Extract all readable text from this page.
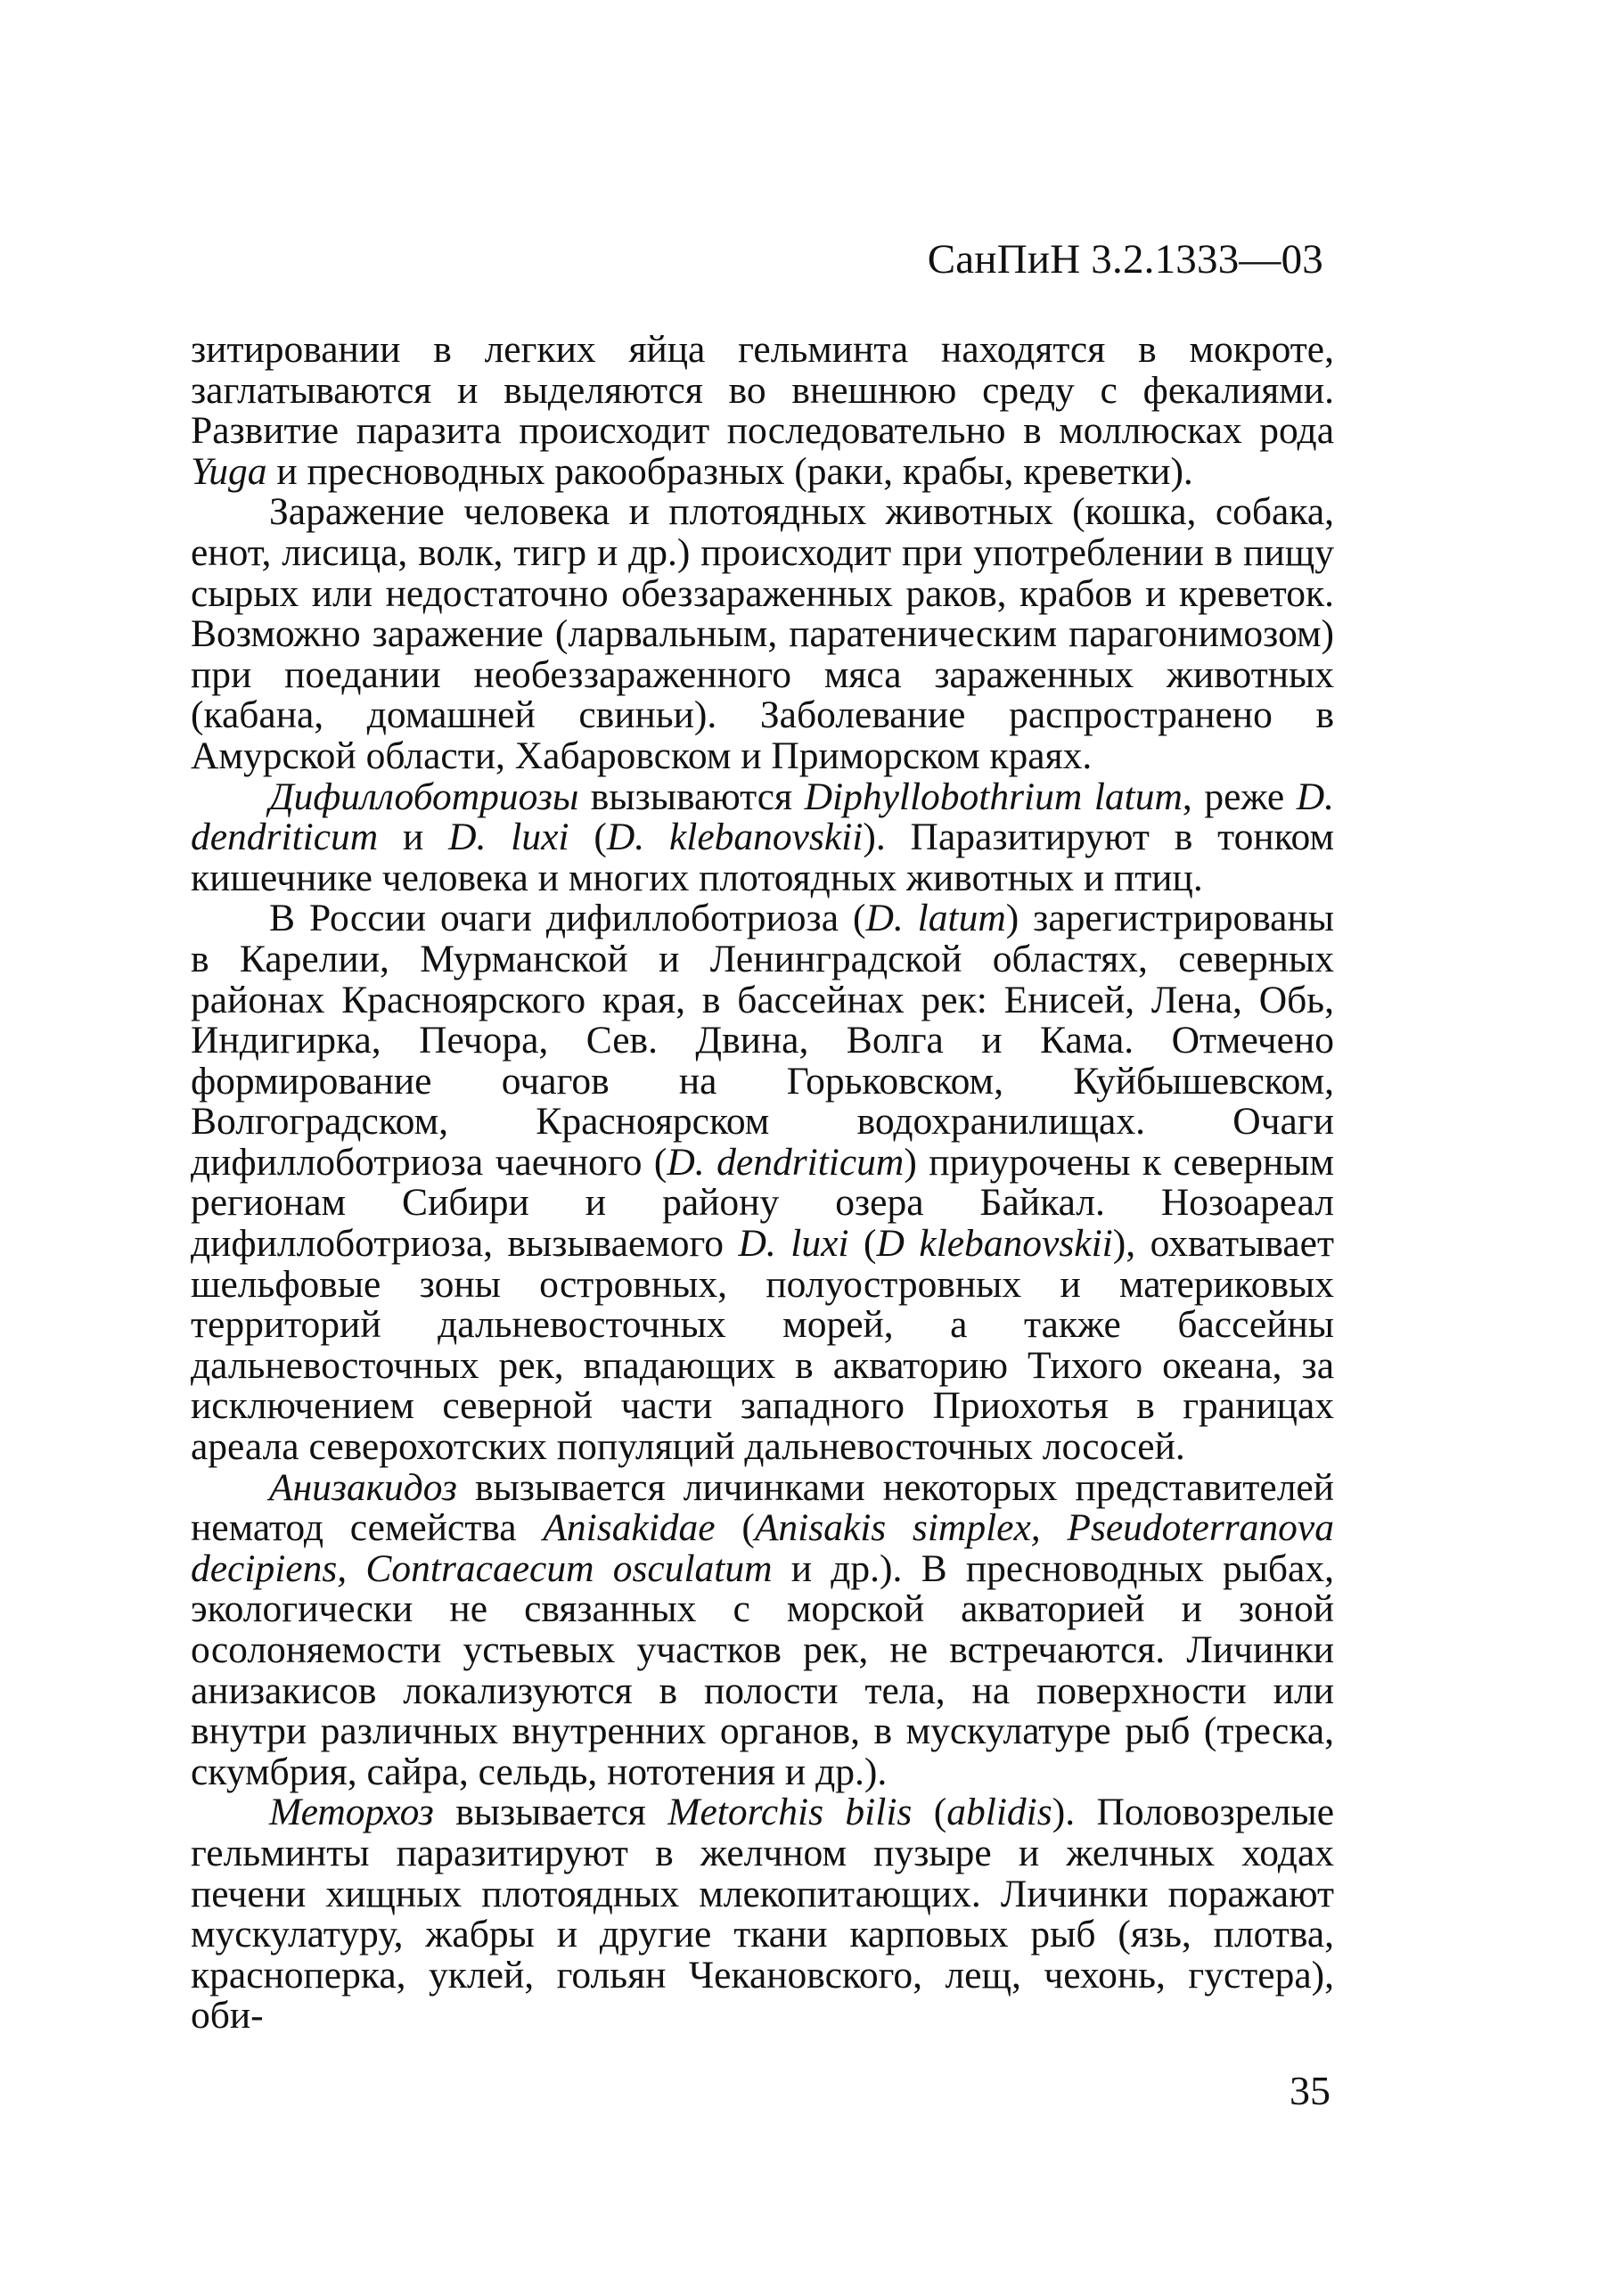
СанПиН 3.2.1333—03

зитировании в легких яйца гельминта находятся в мокроте, заглатываются и выделяются во внешнюю среду с фекалиями. Развитие паразита происходит последовательно в моллюсках рода Yuga и пресноводных ракообразных (раки, крабы, креветки).

Заражение человека и плотоядных животных (кошка, собака, енот, лисица, волк, тигр и др.) происходит при употреблении в пищу сырых или недостаточно обеззараженных раков, крабов и креветок. Возможно заражение (ларвальным, паратеническим парагонимозом) при поедании необеззараженного мяса зараженных животных (кабана, домашней свиньи). Заболевание распространено в Амурской области, Хабаровском и Приморском краях.

Дифиллоботриозы вызываются Diphyllobothrium latum, реже D. dendriticum и D. luxi (D. klebanovskii). Паразитируют в тонком кишечнике человека и многих плотоядных животных и птиц.

В России очаги дифиллоботриоза (D. latum) зарегистрированы в Карелии, Мурманской и Ленинградской областях, северных районах Красноярского края, в бассейнах рек: Енисей, Лена, Обь, Индигирка, Печора, Сев. Двина, Волга и Кама. Отмечено формирование очагов на Горьковском, Куйбышевском, Волгоградском, Красноярском водохранилищах. Очаги дифиллоботриоза чаечного (D. dendriticum) приурочены к северным регионам Сибири и району озера Байкал. Нозоареал дифиллоботриоза, вызываемого D. luxi (D klebanovskii), охватывает шельфовые зоны островных, полуостровных и материковых территорий дальневосточных морей, а также бассейны дальневосточных рек, впадающих в акваторию Тихого океана, за исключением северной части западного Приохотья в границах ареала северохотских популяций дальневосточных лососей.

Анизакидоз вызывается личинками некоторых представителей нематод семейства Anisakidae (Anisakis simplex, Pseudoterranova decipiens, Contracaecum osculatum и др.). В пресноводных рыбах, экологически не связанных с морской акваторией и зоной осолоняемости устьевых участков рек, не встречаются. Личинки анизакисов локализуются в полости тела, на поверхности или внутри различных внутренних органов, в мускулатуре рыб (треска, скумбрия, сайра, сельдь, нототения и др.).

Меторхоз вызывается Metorchis bilis (ablidis). Половозрелые гельминты паразитируют в желчном пузыре и желчных ходах печени хищных плотоядных млекопитающих. Личинки поражают мускулатуру, жабры и другие ткани карповых рыб (язь, плотва, красноперка, уклей, гольян Чекановского, лещ, чехонь, густера), оби-

35
